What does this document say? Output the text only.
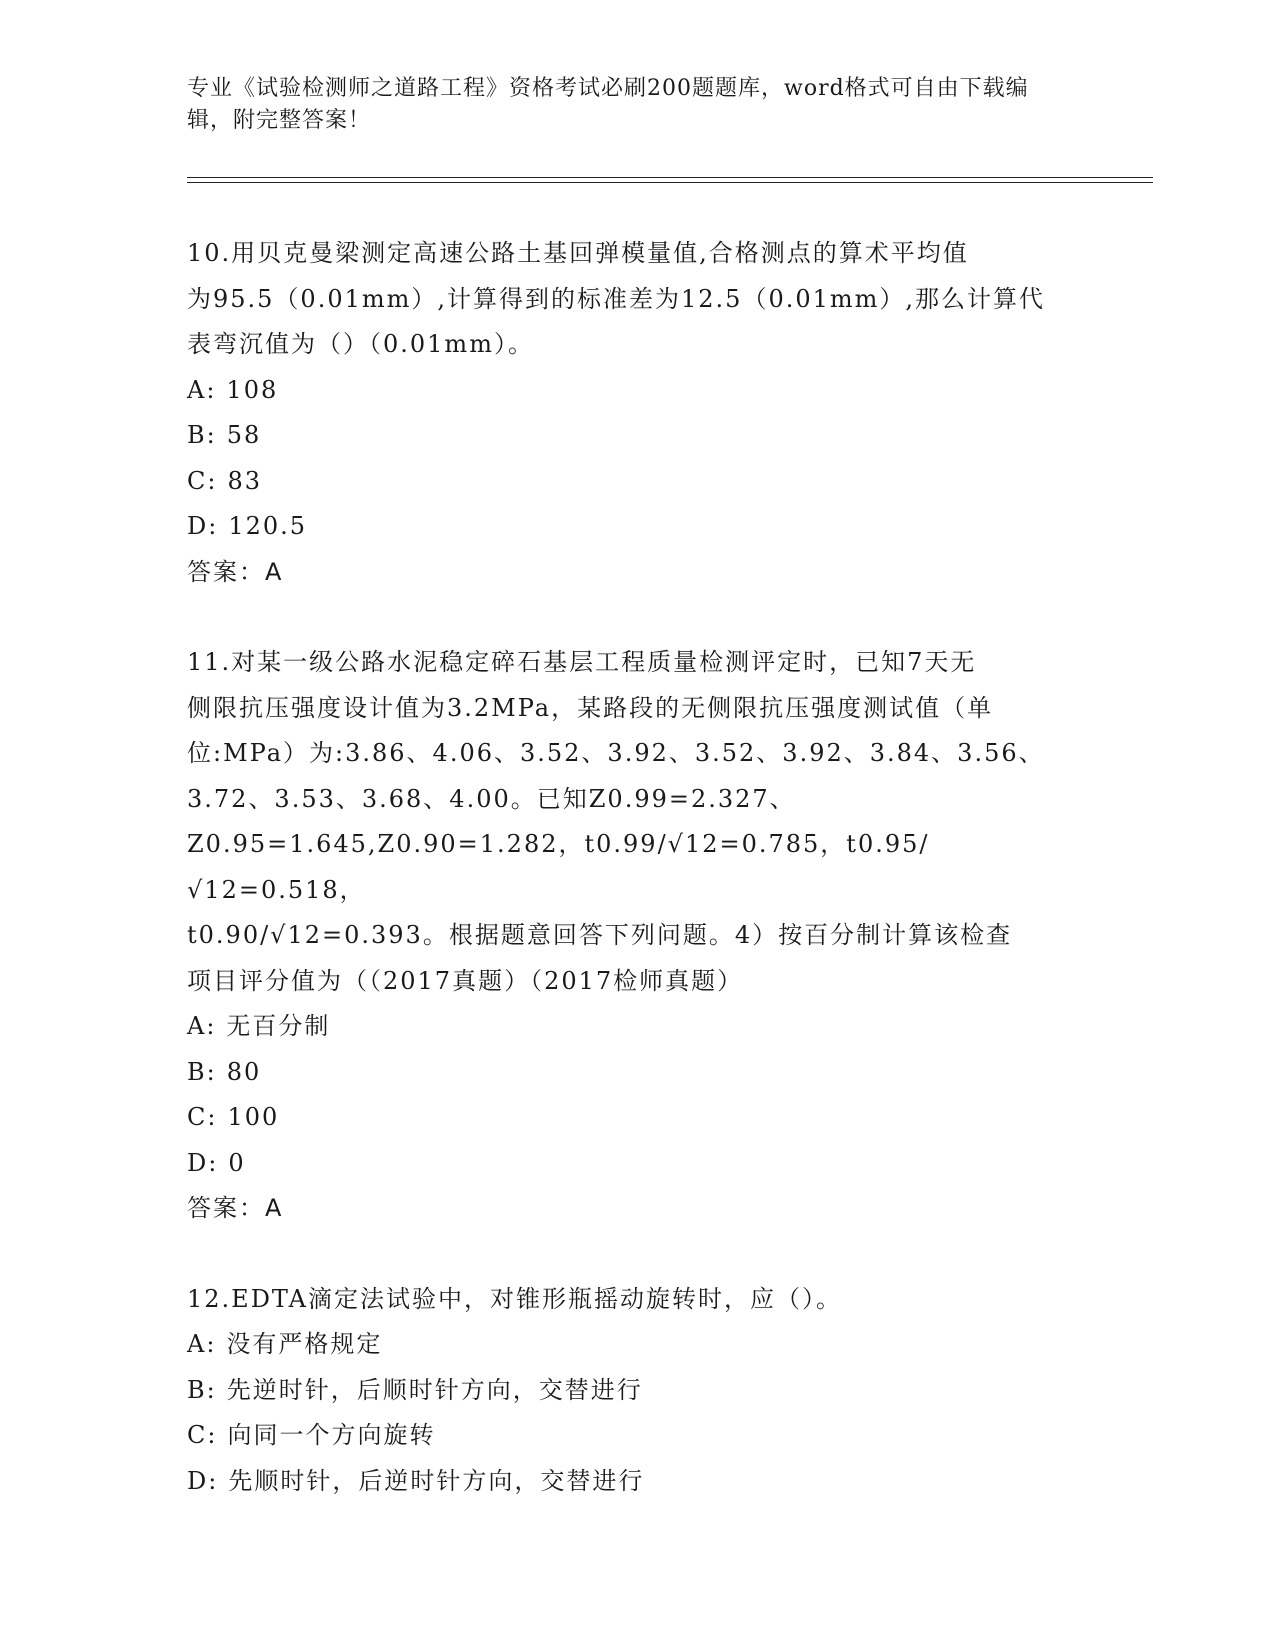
专业《试验检测师之道路工程》资格考试必刷200题题库，word格式可自由下载编辑，附完整答案！

10.用贝克曼梁测定高速公路土基回弹模量值,合格测点的算术平均值

为95.5（0.01mm）,计算得到的标准差为12.5（0.01mm）,那么计算代

表弯沉值为（）（0.01mm）。

A: 108

B: 58

C: 83

D: 120.5

答案：A

11.对某一级公路水泥稳定碎石基层工程质量检测评定时，已知7天无

侧限抗压强度设计值为3.2MPa，某路段的无侧限抗压强度测试值（单

位:MPa）为:3.86、4.06、3.52、3.92、3.52、3.92、3.84、3.56、

3.72、3.53、3.68、4.00。已知Z0.99=2.327、

Z0.95=1.645,Z0.90=1.282，t0.99/√12=0.785，t0.95/√12=0.518，

t0.90/√12=0.393。根据题意回答下列问题。4）按百分制计算该检查

项目评分值为（（2017真题）（2017检师真题）

A: 无百分制

B: 80

C: 100

D: 0

答案：A

12.EDTA滴定法试验中，对锥形瓶摇动旋转时，应（）。

A: 没有严格规定

B: 先逆时针，后顺时针方向，交替进行

C: 向同一个方向旋转

D: 先顺时针，后逆时针方向，交替进行
